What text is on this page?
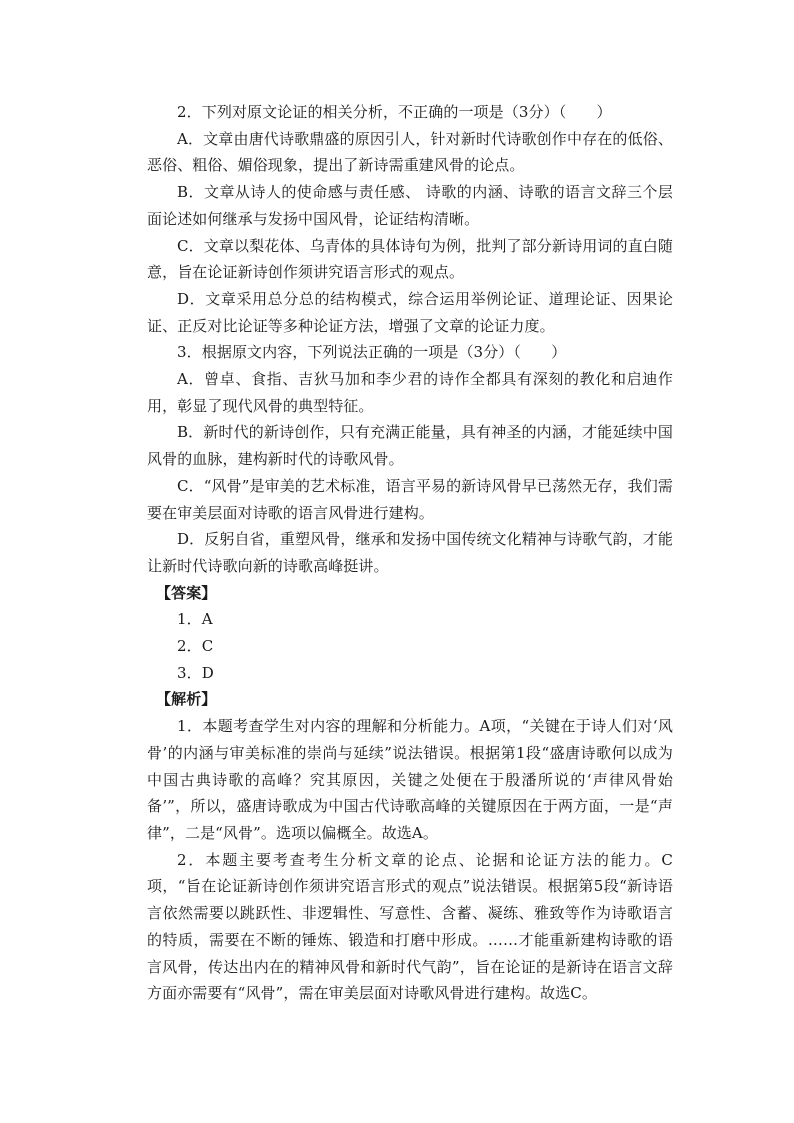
2．下列对原文论证的相关分析，不正确的一项是（3分）（　　）

A．文章由唐代诗歌鼎盛的原因引人，针对新时代诗歌创作中存在的低俗、恶俗、粗俗、媚俗现象，提出了新诗需重建风骨的论点。

B．文章从诗人的使命感与责任感、 诗歌的内涵、诗歌的语言文辞三个层面论述如何继承与发扬中国风骨，论证结构清晰。

C．文章以梨花体、乌青体的具体诗句为例，批判了部分新诗用词的直白随意，旨在论证新诗创作须讲究语言形式的观点。

D．文章采用总分总的结构模式，综合运用举例论证、道理论证、因果论证、正反对比论证等多种论证方法，增强了文章的论证力度。

3．根据原文内容，下列说法正确的一项是（3分）（　　）

A．曾卓、食指、吉狄马加和李少君的诗作全都具有深刻的教化和启迪作用，彰显了现代风骨的典型特征。

B．新时代的新诗创作，只有充满正能量，具有神圣的内涵，才能延续中国风骨的血脉，建构新时代的诗歌风骨。

C．“风骨”是审美的艺术标准，语言平易的新诗风骨早已荡然无存，我们需要在审美层面对诗歌的语言风骨进行建构。

D．反躬自省，重塑风骨，继承和发扬中国传统文化精神与诗歌气韵，才能让新时代诗歌向新的诗歌高峰挺讲。

【答案】

1．A

2．C

3．D

【解析】

1．本题考查学生对内容的理解和分析能力。A项，“关键在于诗人们对‘风骨’的内涵与审美标准的崇尚与延续”说法错误。根据第1段“盛唐诗歌何以成为中国古典诗歌的高峰？究其原因，关键之处便在于殷潘所说的‘声律风骨始备’”，所以，盛唐诗歌成为中国古代诗歌高峰的关键原因在于两方面，一是“声律”，二是“风骨”。选项以偏概全。故选A。

2．本题主要考查考生分析文章的论点、论据和论证方法的能力。C项，“旨在论证新诗创作须讲究语言形式的观点”说法错误。根据第5段“新诗语言依然需要以跳跃性、非逻辑性、写意性、含蓄、凝练、雅致等作为诗歌语言的特质，需要在不断的锤炼、锻造和打磨中形成。……才能重新建构诗歌的语言风骨，传达出内在的精神风骨和新时代气韵”，旨在论证的是新诗在语言文辞方面亦需要有“风骨”，需在审美层面对诗歌风骨进行建构。故选C。
